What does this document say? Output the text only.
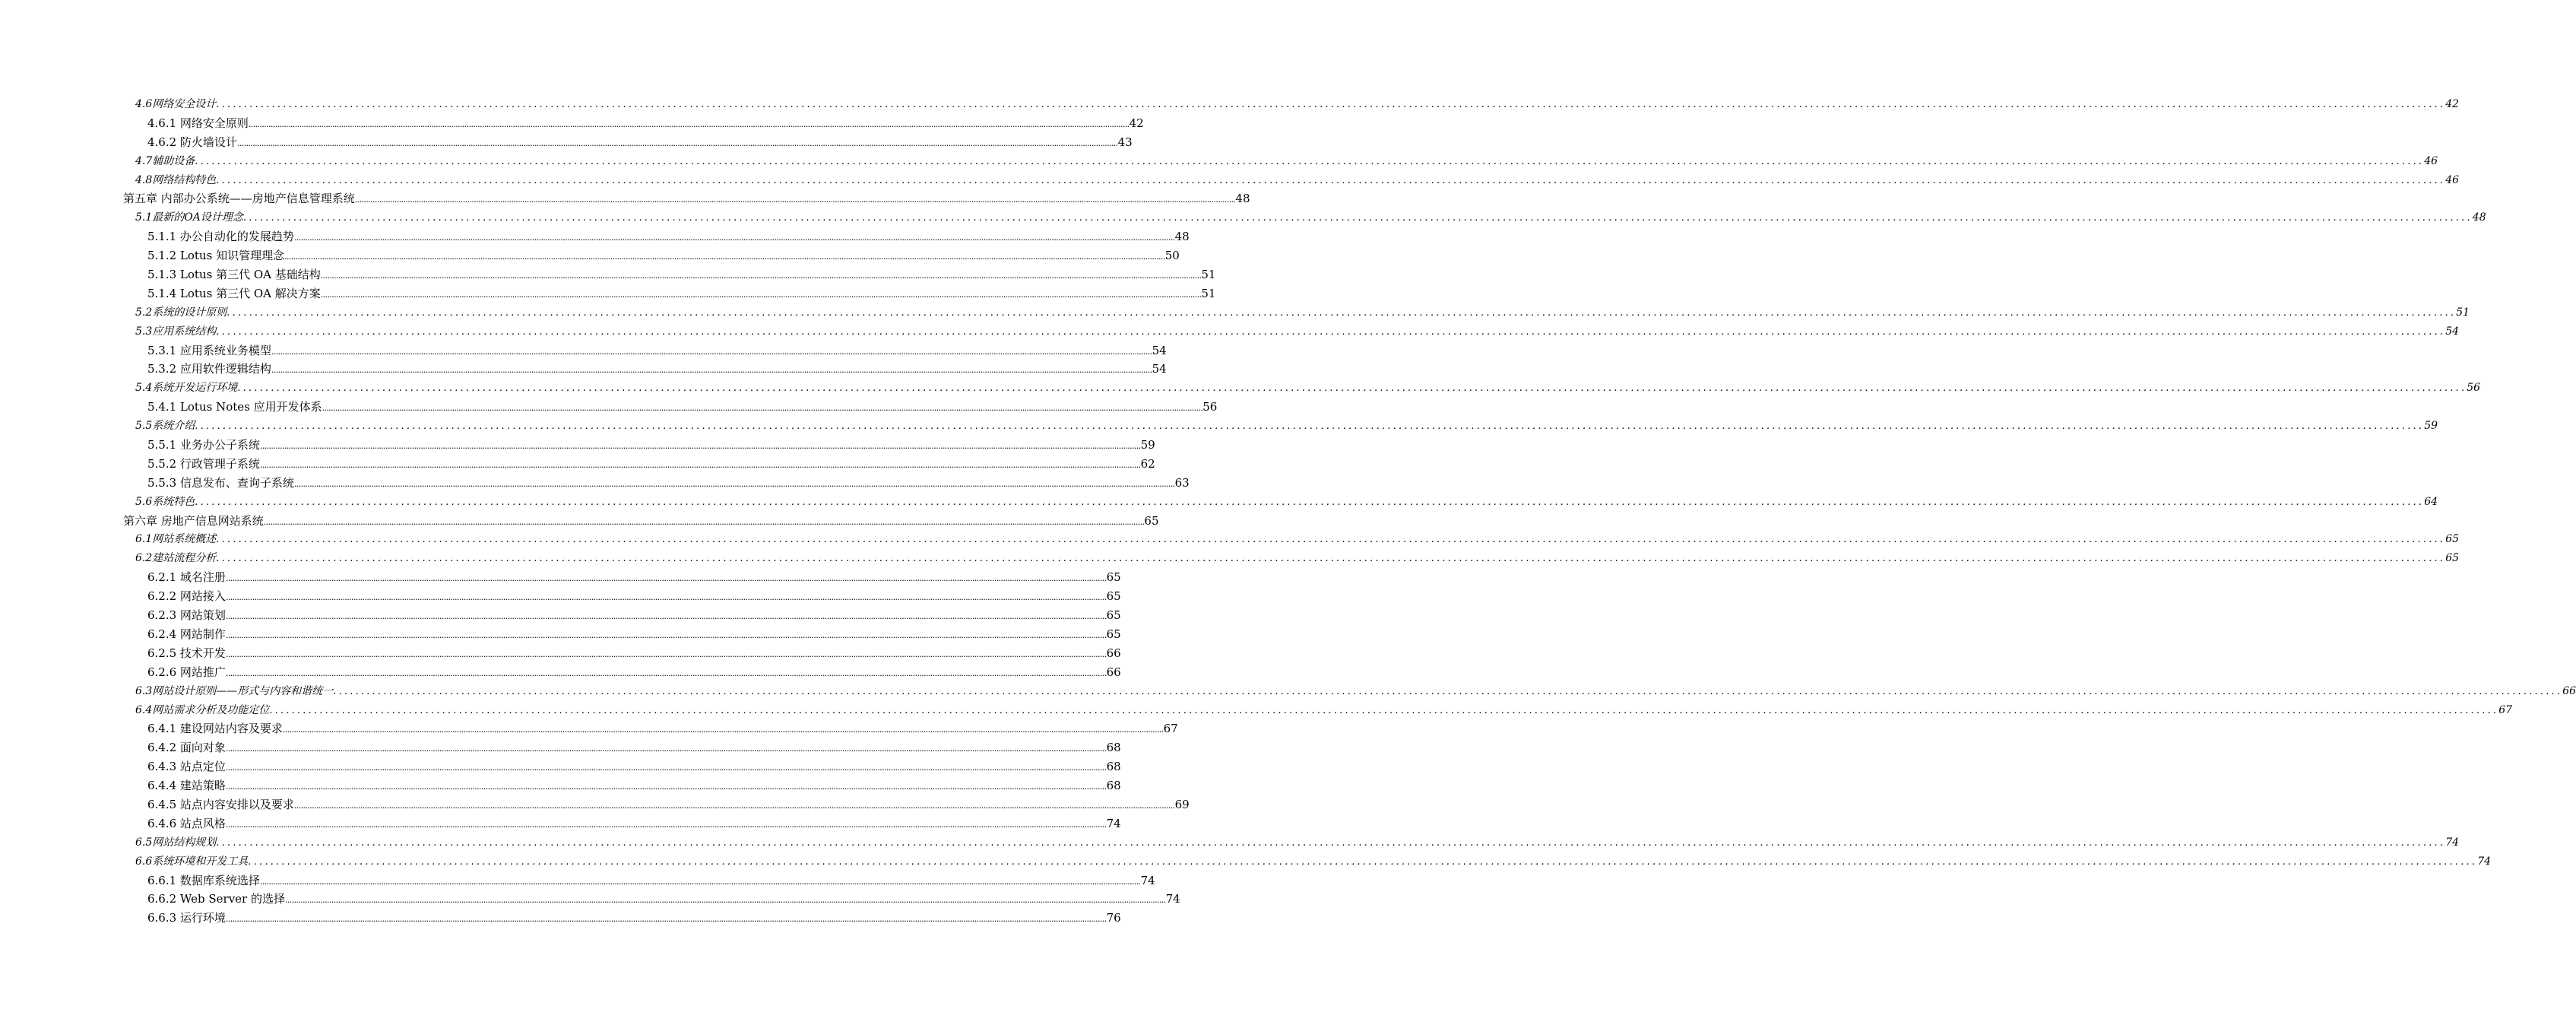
4.6网络安全设计 ................................................................................................................................................................................................................................................................................................................................................................................................................ 42
4.6.1 网络安全原则 ................................................................................................................................................................................................................................................................................................................................................................................................................ 42
4.6.2 防火墙设计 ................................................................................................................................................................................................................................................................................................................................................................................................................ 43
4.7辅助设备 ................................................................................................................................................................................................................................................................................................................................................................................................................ 46
4.8网络结构特色 ................................................................................................................................................................................................................................................................................................................................................................................................................ 46
第五章 内部办公系统——房地产信息管理系统 ................................................................................................................................................................................................................................................................................................................................................................................................................ 48
5.1最新的OA设计理念 ................................................................................................................................................................................................................................................................................................................................................................................................................ 48
5.1.1 办公自动化的发展趋势 ................................................................................................................................................................................................................................................................................................................................................................................................................ 48
5.1.2 Lotus 知识管理理念 ................................................................................................................................................................................................................................................................................................................................................................................................................ 50
5.1.3 Lotus 第三代 OA 基础结构 ................................................................................................................................................................................................................................................................................................................................................................................................................ 51
5.1.4 Lotus 第三代 OA 解决方案 ................................................................................................................................................................................................................................................................................................................................................................................................................ 51
5.2系统的设计原则 ................................................................................................................................................................................................................................................................................................................................................................................................................ 51
5.3应用系统结构 ................................................................................................................................................................................................................................................................................................................................................................................................................ 54
5.3.1 应用系统业务模型 ................................................................................................................................................................................................................................................................................................................................................................................................................ 54
5.3.2 应用软件逻辑结构 ................................................................................................................................................................................................................................................................................................................................................................................................................ 54
5.4系统开发运行环境 ................................................................................................................................................................................................................................................................................................................................................................................................................ 56
5.4.1 Lotus Notes 应用开发体系 ................................................................................................................................................................................................................................................................................................................................................................................................................ 56
5.5系统介绍 ................................................................................................................................................................................................................................................................................................................................................................................................................ 59
5.5.1 业务办公子系统 ................................................................................................................................................................................................................................................................................................................................................................................................................ 59
5.5.2 行政管理子系统 ................................................................................................................................................................................................................................................................................................................................................................................................................ 62
5.5.3 信息发布、查询子系统 ................................................................................................................................................................................................................................................................................................................................................................................................................ 63
5.6系统特色 ................................................................................................................................................................................................................................................................................................................................................................................................................ 64
第六章 房地产信息网站系统 ................................................................................................................................................................................................................................................................................................................................................................................................................ 65
6.1网站系统概述 ................................................................................................................................................................................................................................................................................................................................................................................................................ 65
6.2建站流程分析 ................................................................................................................................................................................................................................................................................................................................................................................................................ 65
6.2.1 域名注册 ................................................................................................................................................................................................................................................................................................................................................................................................................ 65
6.2.2 网站接入 ................................................................................................................................................................................................................................................................................................................................................................................................................ 65
6.2.3 网站策划 ................................................................................................................................................................................................................................................................................................................................................................................................................ 65
6.2.4 网站制作 ................................................................................................................................................................................................................................................................................................................................................................................................................ 65
6.2.5 技术开发 ................................................................................................................................................................................................................................................................................................................................................................................................................ 66
6.2.6 网站推广 ................................................................................................................................................................................................................................................................................................................................................................................................................ 66
6.3网站设计原则——形式与内容和谐统一 ................................................................................................................................................................................................................................................................................................................................................................................................................ 66
6.4网站需求分析及功能定位 ................................................................................................................................................................................................................................................................................................................................................................................................................ 67
6.4.1 建设网站内容及要求 ................................................................................................................................................................................................................................................................................................................................................................................................................ 67
6.4.2 面向对象 ................................................................................................................................................................................................................................................................................................................................................................................................................ 68
6.4.3 站点定位 ................................................................................................................................................................................................................................................................................................................................................................................................................ 68
6.4.4 建站策略 ................................................................................................................................................................................................................................................................................................................................................................................................................ 68
6.4.5 站点内容安排以及要求 ................................................................................................................................................................................................................................................................................................................................................................................................................ 69
6.4.6 站点风格 ................................................................................................................................................................................................................................................................................................................................................................................................................ 74
6.5网站结构规划 ................................................................................................................................................................................................................................................................................................................................................................................................................ 74
6.6系统环境和开发工具 ................................................................................................................................................................................................................................................................................................................................................................................................................ 74
6.6.1 数据库系统选择 ................................................................................................................................................................................................................................................................................................................................................................................................................ 74
6.6.2 Web Server 的选择 ................................................................................................................................................................................................................................................................................................................................................................................................................ 74
6.6.3 运行环境 ................................................................................................................................................................................................................................................................................................................................................................................................................ 76
